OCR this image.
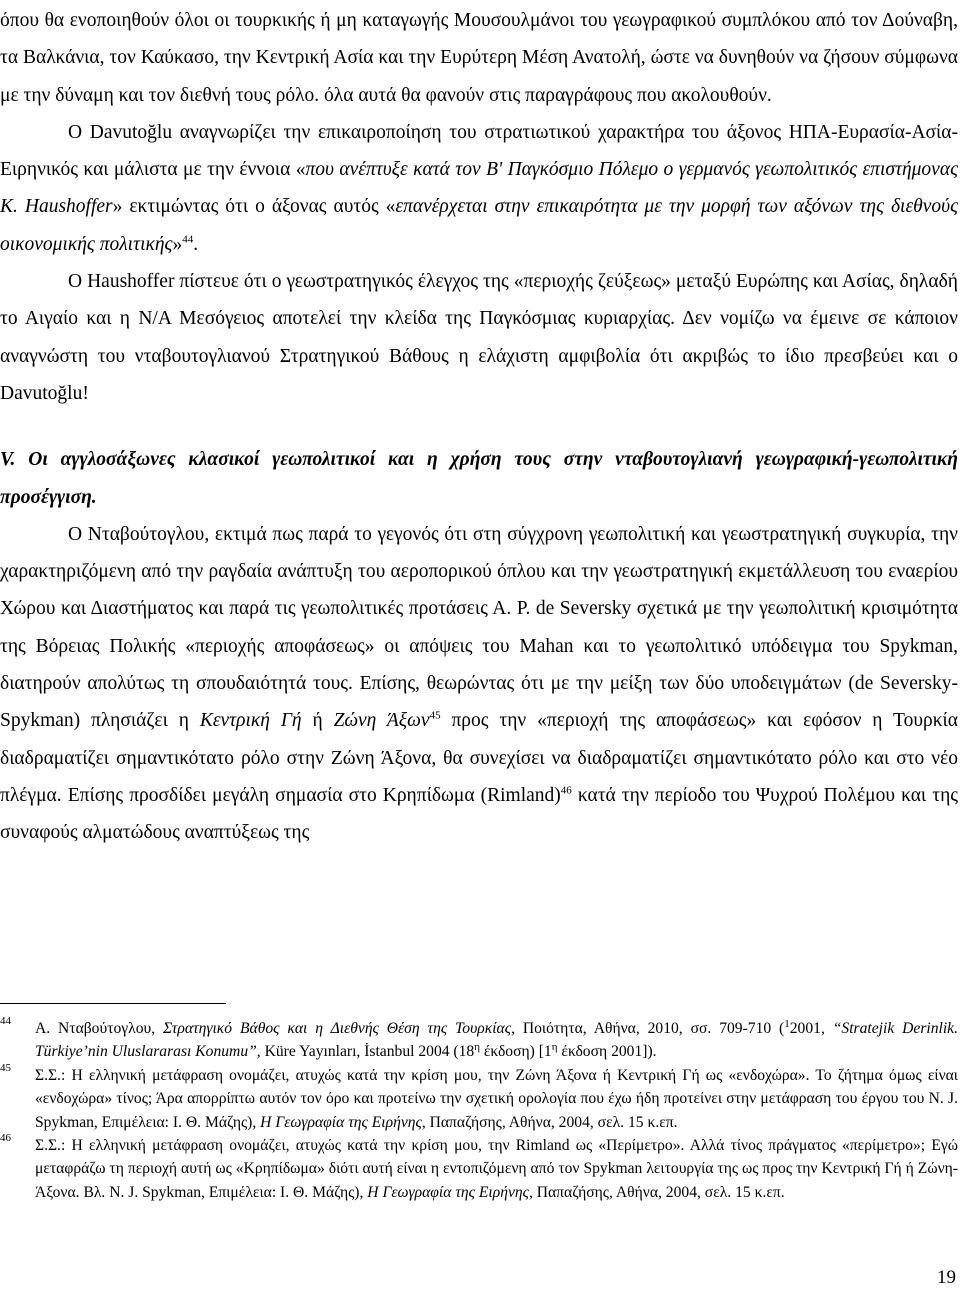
όπου θα ενοποιηθούν όλοι οι τουρκικής ή μη καταγωγής Μουσουλμάνοι του γεωγραφικού συμπλόκου από τον Δούναβη, τα Βαλκάνια, τον Καύκασο, την Κεντρική Ασία και την Ευρύτερη Μέση Ανατολή, ώστε να δυνηθούν να ζήσουν σύμφωνα με την δύναμη και τον διεθνή τους ρόλο. όλα αυτά θα φανούν στις παραγράφους που ακολουθούν.

Ο Davutoğlu αναγνωρίζει την επικαιροποίηση του στρατιωτικού χαρακτήρα του άξονος ΗΠΑ-Ευρασία-Ασία-Ειρηνικός και μάλιστα με την έννοια «που ανέπτυξε κατά τον Β' Παγκόσμιο Πόλεμο ο γερμανός γεωπολιτικός επιστήμονας Κ. Haushoffer» εκτιμώντας ότι ο άξονας αυτός «επανέρχεται στην επικαιρότητα με την μορφή των αξόνων της διεθνούς οικονομικής πολιτικής»$^{44}$.

Ο Haushoffer πίστευε ότι ο γεωστρατηγικός έλεγχος της «περιοχής ζεύξεως» μεταξύ Ευρώπης και Ασίας, δηλαδή το Αιγαίο και η Ν/Α Μεσόγειος αποτελεί την κλείδα της Παγκόσμιας κυριαρχίας. Δεν νομίζω να έμεινε σε κάποιον αναγνώστη του νταβουτογλιανού Στρατηγικού Βάθους η ελάχιστη αμφιβολία ότι ακριβώς το ίδιο πρεσβεύει και ο Davutoğlu!

V. Οι αγγλοσάξωνες κλασικοί γεωπολιτικοί και η χρήση τους στην νταβουτογλιανή γεωγραφική-γεωπολιτική προσέγγιση.

Ο Νταβούτογλου, εκτιμά πως παρά το γεγονός ότι στη σύγχρονη γεωπολιτική και γεωστρατηγική συγκυρία, την χαρακτηριζόμενη από την ραγδαία ανάπτυξη του αεροπορικού όπλου και την γεωστρατηγική εκμετάλλευση του εναερίου Χώρου και Διαστήματος και παρά τις γεωπολιτικές προτάσεις Α. Ρ. de Seversky σχετικά με την γεωπολιτική κρισιμότητα της Βόρειας Πολικής «περιοχής αποφάσεως» οι απόψεις του Mahan και το γεωπολιτικό υπόδειγμα του Spykman, διατηρούν απολύτως τη σπουδαιότητά τους. Επίσης, θεωρώντας ότι με την μείξη των δύο υποδειγμάτων (de Seversky-Spykman) πλησιάζει η Κεντρική Γή ή Ζώνη Άξων$^{45}$ προς την «περιοχή της αποφάσεως» και εφόσον η Τουρκία διαδραματίζει σημαντικότατο ρόλο στην Ζώνη Άξονα, θα συνεχίσει να διαδραματίζει σημαντικότατο ρόλο και στο νέο πλέγμα. Επίσης προσδίδει μεγάλη σημασία στο Κρηπίδωμα (Rimland)$^{46}$ κατά την περίοδο του Ψυχρού Πολέμου και της συναφούς αλματώδους αναπτύξεως της

44 Α. Νταβούτογλου, Στρατηγικό Βάθος και η Διεθνής Θέση της Τουρκίας, Ποιότητα, Αθήνα, 2010, σσ. 709-710 ($^1$2001, “Stratejik Derinlik. Türkiye’nin Uluslararası Konumu”, Küre Yayınları, İstanbul 2004 ($18^\eta$ έκδοση) [$1^\eta$ έκδοση 2001]).
45 Σ.Σ.: Η ελληνική μετάφραση ονομάζει, ατυχώς κατά την κρίση μου, την Ζώνη Άξονα ή Κεντρική Γή ως «ενδοχώρα». Το ζήτημα όμως είναι «ενδοχώρα» τίνος; Άρα απορρίπτω αυτόν τον όρο και προτείνω την σχετική ορολογία που έχω ήδη προτείνει στην μετάφραση του έργου του N. J. Spykman, Επιμέλεια: Ι. Θ. Μάζης), Η Γεωγραφία της Ειρήνης, Παπαζήσης, Αθήνα, 2004, σελ. 15 κ.επ.
46 Σ.Σ.: Η ελληνική μετάφραση ονομάζει, ατυχώς κατά την κρίση μου, την Rimland ως «Περίμετρο». Αλλά τίνος πράγματος «περίμετρο»; Εγώ μεταφράζω τη περιοχή αυτή ως «Κρηπίδωμα» διότι αυτή είναι η εντοπιζόμενη από τον Spykman λειτουργία της ως προς την Κεντρική Γή ή Ζώνη-Άξονα. Βλ. N. J. Spykman, Επιμέλεια: Ι. Θ. Μάζης), Η Γεωγραφία της Ειρήνης, Παπαζήσης, Αθήνα, 2004, σελ. 15 κ.επ.
19
